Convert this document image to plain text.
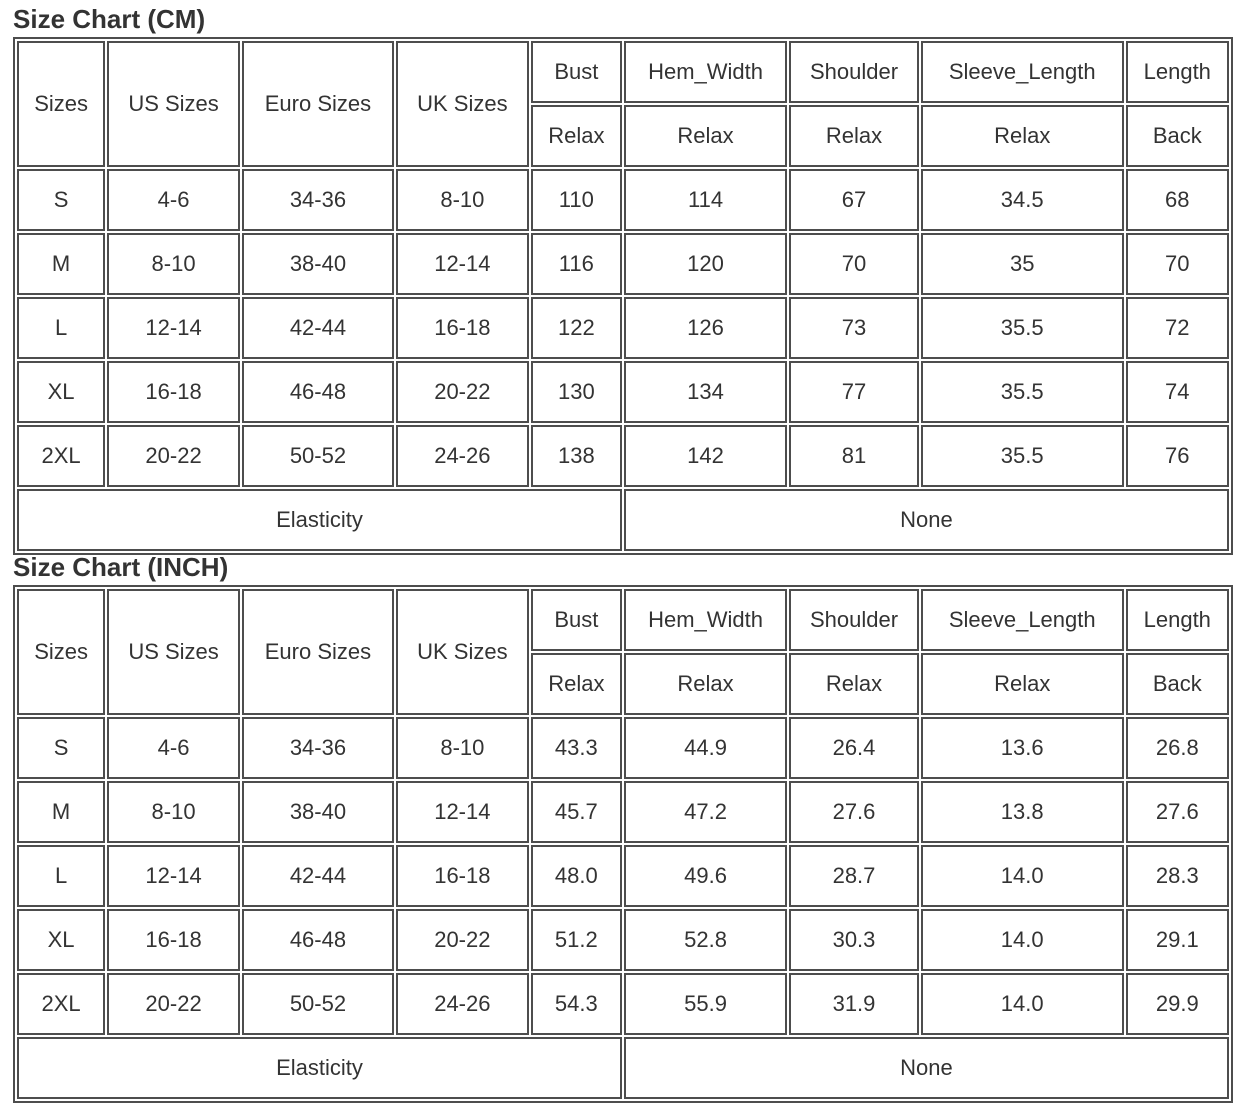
Size Chart (CM)
Sizes	US Sizes	Euro Sizes	UK Sizes	Bust	Hem_Width	Shoulder	Sleeve_Length	Length
				Relax	Relax	Relax	Relax	Back
S	4-6	34-36	8-10	110	114	67	34.5	68
M	8-10	38-40	12-14	116	120	70	35	70
L	12-14	42-44	16-18	122	126	73	35.5	72
XL	16-18	46-48	20-22	130	134	77	35.5	74
2XL	20-22	50-52	24-26	138	142	81	35.5	76
Elasticity					None			
Size Chart (INCH)
Sizes	US Sizes	Euro Sizes	UK Sizes	Bust	Hem_Width	Shoulder	Sleeve_Length	Length
				Relax	Relax	Relax	Relax	Back
S	4-6	34-36	8-10	43.3	44.9	26.4	13.6	26.8
M	8-10	38-40	12-14	45.7	47.2	27.6	13.8	27.6
L	12-14	42-44	16-18	48.0	49.6	28.7	14.0	28.3
XL	16-18	46-48	20-22	51.2	52.8	30.3	14.0	29.1
2XL	20-22	50-52	24-26	54.3	55.9	31.9	14.0	29.9
Elasticity					None			
